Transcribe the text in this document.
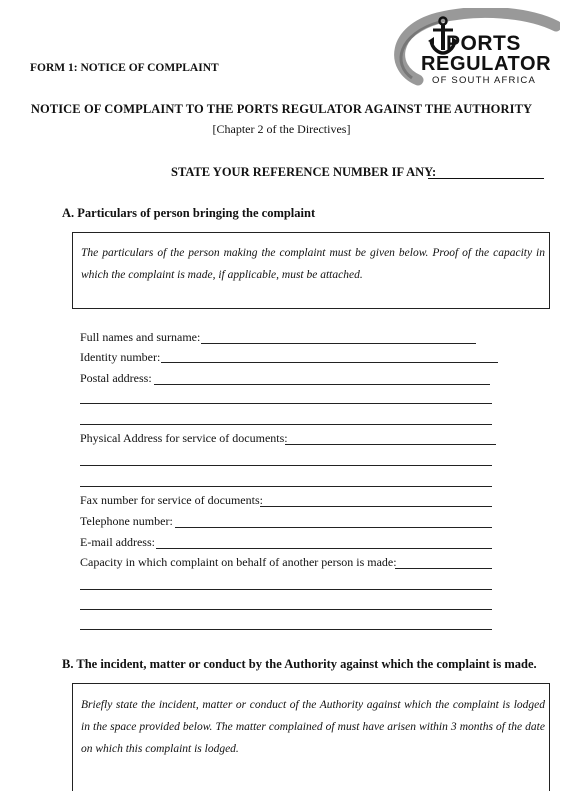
FORM 1: NOTICE OF COMPLAINT
PORTS
REGULATOR
OF SOUTH AFRICA
NOTICE OF COMPLAINT TO THE PORTS REGULATOR AGAINST THE AUTHORITY
[Chapter 2 of the Directives]
STATE YOUR REFERENCE NUMBER IF ANY:
A. Particulars of person bringing the complaint
The particulars of the person making the complaint must be given below. Proof of the capacity in which the complaint is made, if applicable, must be attached.
Full names and surname:
Identity number:
Postal address:
Physical Address for service of documents:
Fax number for service of documents:
Telephone number:
E-mail address:
Capacity in which complaint on behalf of another person is made:
B. The incident, matter or conduct by the Authority against which the complaint is made.
Briefly state the incident, matter or conduct of the Authority against which the complaint is lodged in the space provided below. The matter complained of must have arisen within 3 months of the date on which this complaint is lodged.
